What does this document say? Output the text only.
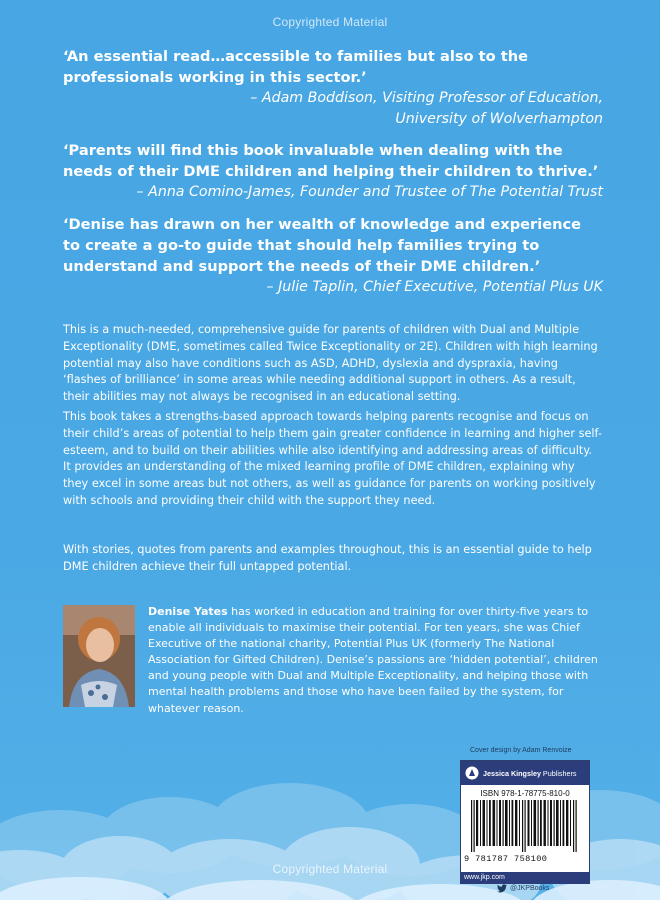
Copyrighted Material

‘An essential read…accessible to families but also to the professionals working in this sector.’

– Adam Boddison, Visiting Professor of Education,

University of Wolverhampton

‘Parents will find this book invaluable when dealing with the needs of their DME children and helping their children to thrive.’

– Anna Comino-James, Founder and Trustee of The Potential Trust

‘Denise has drawn on her wealth of knowledge and experience to create a go-to guide that should help families trying to understand and support the needs of their DME children.’

– Julie Taplin, Chief Executive, Potential Plus UK

This is a much-needed, comprehensive guide for parents of children with Dual and Multiple Exceptionality (DME, sometimes called Twice Exceptionality or 2E). Children with high learning potential may also have conditions such as ASD, ADHD, dyslexia and dyspraxia, having ‘flashes of brilliance’ in some areas while needing additional support in others. As a result, their abilities may not always be recognised in an educational setting.

This book takes a strengths-based approach towards helping parents recognise and focus on their child’s areas of potential to help them gain greater confidence in learning and higher self-esteem, and to build on their abilities while also identifying and addressing areas of difficulty. It provides an understanding of the mixed learning profile of DME children, explaining why they excel in some areas but not others, as well as guidance for parents on working positively with schools and providing their child with the support they need.

With stories, quotes from parents and examples throughout, this is an essential guide to help DME children achieve their full untapped potential.

Denise Yates has worked in education and training for over thirty-five years to enable all individuals to maximise their potential. For ten years, she was Chief Executive of the national charity, Potential Plus UK (formerly The National Association for Gifted Children). Denise’s passions are ‘hidden potential’, children and young people with Dual and Multiple Exceptionality, and helping those with mental health problems and those who have been failed by the system, for whatever reason.

Cover design by Adam Renvoize
Jessica Kingsley Publishers
ISBN 978-1-78775-810-0
9 781787 758100
www.jkp.com
@JKPBooks
Copyrighted Material
